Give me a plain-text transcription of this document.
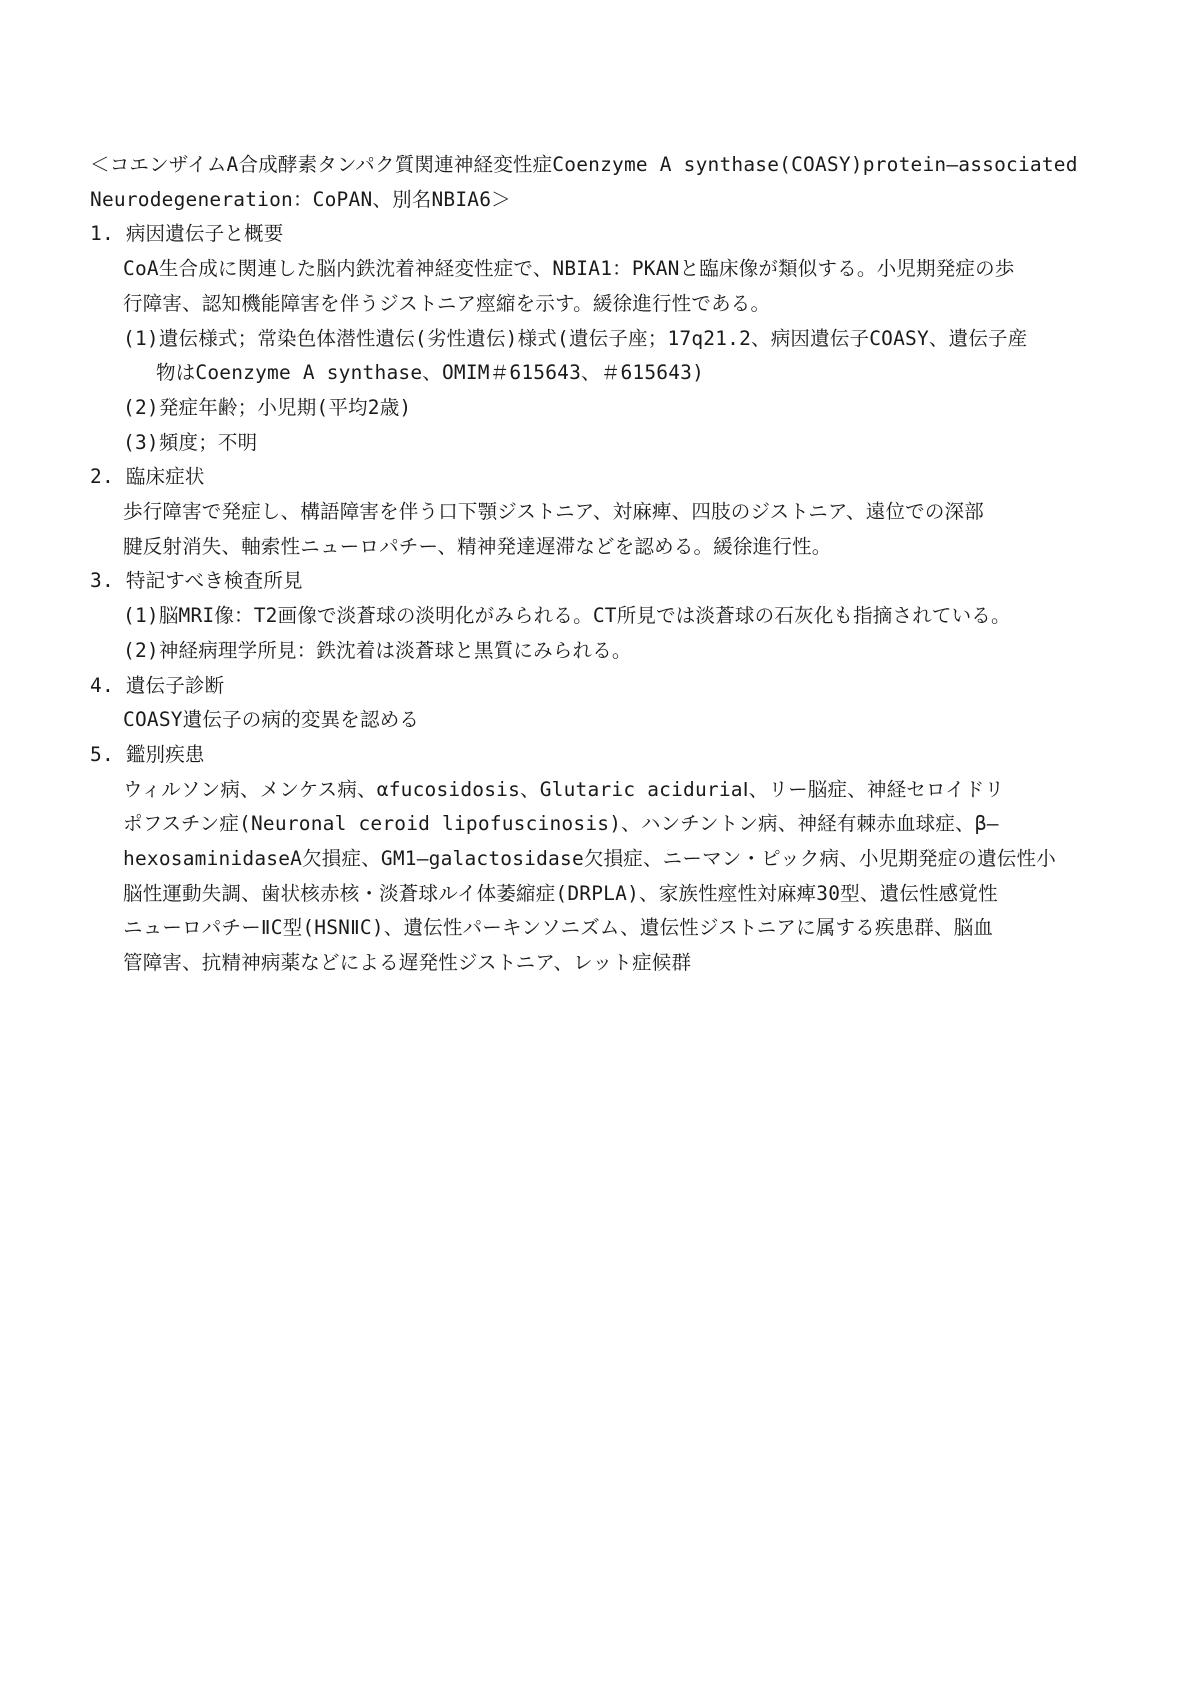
＜コエンザイムA合成酵素タンパク質関連神経変性症Coenzyme A synthase(COASY)protein―associated
Neurodegeneration：CoPAN、別名NBIA6＞
1. 病因遺伝子と概要
CoA生合成に関連した脳内鉄沈着神経変性症で、NBIA1：PKANと臨床像が類似する。小児期発症の歩
行障害、認知機能障害を伴うジストニア痙縮を示す。緩徐進行性である。
(1)遺伝様式；常染色体潜性遺伝(劣性遺伝)様式(遺伝子座；17q21.2、病因遺伝子COASY、遺伝子産
物はCoenzyme A synthase、OMIM＃615643、＃615643)
(2)発症年齢；小児期(平均2歳)
(3)頻度；不明
2. 臨床症状
歩行障害で発症し、構語障害を伴う口下顎ジストニア、対麻痺、四肢のジストニア、遠位での深部
腱反射消失、軸索性ニューロパチー、精神発達遅滞などを認める。緩徐進行性。
3. 特記すべき検査所見
(1)脳MRI像：T2画像で淡蒼球の淡明化がみられる。CT所見では淡蒼球の石灰化も指摘されている。
(2)神経病理学所見：鉄沈着は淡蒼球と黒質にみられる。
4. 遺伝子診断
COASY遺伝子の病的変異を認める
5. 鑑別疾患
ウィルソン病、メンケス病、αfucosidosis、Glutaric aciduriaⅠ、リー脳症、神経セロイドリ
ポフスチン症(Neuronal ceroid lipofuscinosis)、ハンチントン病、神経有棘赤血球症、β―
hexosaminidaseA欠損症、GM1―galactosidase欠損症、ニーマン・ピック病、小児期発症の遺伝性小
脳性運動失調、歯状核赤核・淡蒼球ルイ体萎縮症(DRPLA)、家族性痙性対麻痺30型、遺伝性感覚性
ニューロパチーⅡC型(HSNⅡC)、遺伝性パーキンソニズム、遺伝性ジストニアに属する疾患群、脳血
管障害、抗精神病薬などによる遅発性ジストニア、レット症候群
